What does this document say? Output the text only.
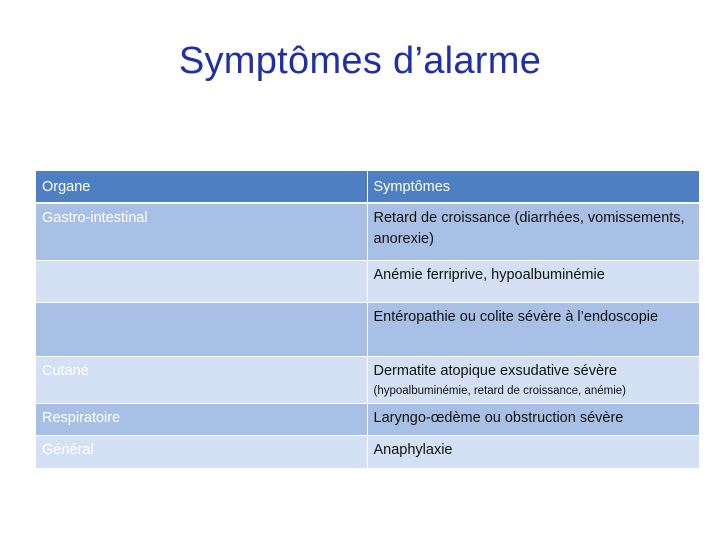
Symptômes d’alarme
Organe	Symptômes
Gastro-intestinal	Retard de croissance (diarrhées, vomissements, anorexie)
	Anémie ferriprive, hypoalbuminémie
	Entéropathie ou colite sévère à l’endoscopie
Cutané	Dermatite atopique exsudative sévère
(hypoalbuminémie, retard de croissance, anémie)

Respiratoire	Laryngo-œdème ou obstruction sévère
Général	Anaphylaxie
